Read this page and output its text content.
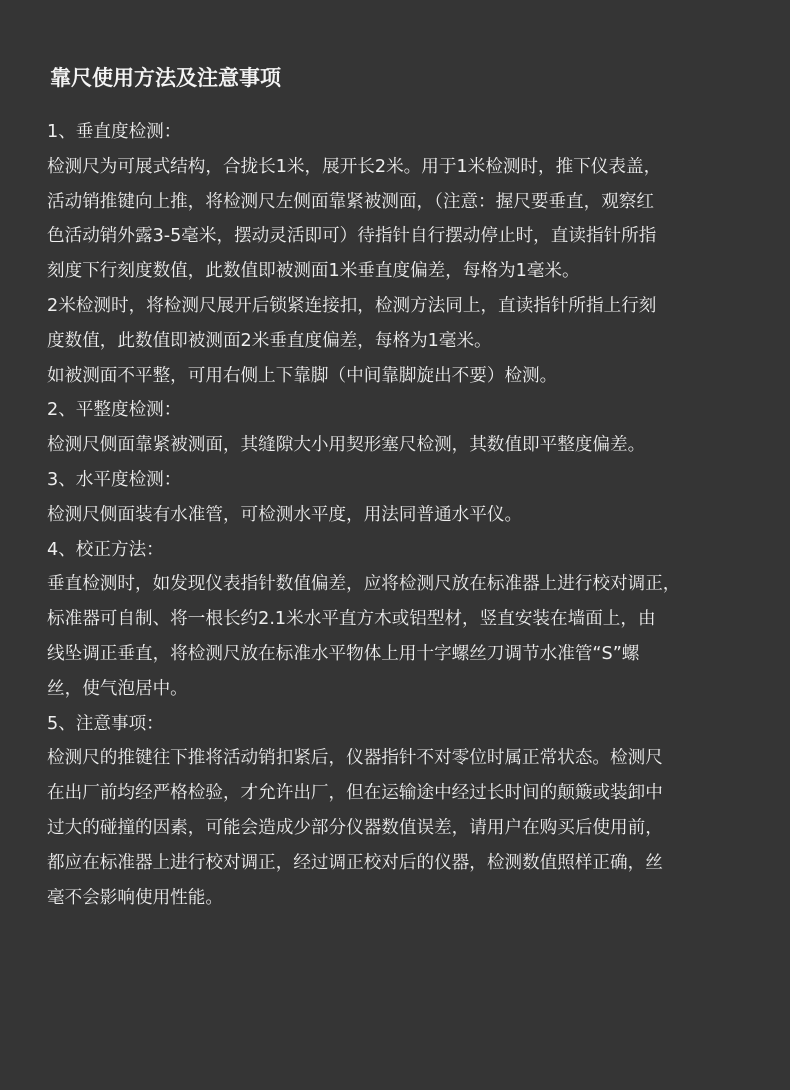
靠尺使用方法及注意事项

1、垂直度检测：

检测尺为可展式结构，合拢长1米，展开长2米。用于1米检测时，推下仪表盖，
活动销推键向上推，将检测尺左侧面靠紧被测面，（注意：握尺要垂直，观察红
色活动销外露3-5毫米，摆动灵活即可）待指针自行摆动停止时，直读指针所指
刻度下行刻度数值，此数值即被测面1米垂直度偏差，每格为1毫米。

2米检测时，将检测尺展开后锁紧连接扣，检测方法同上，直读指针所指上行刻
度数值，此数值即被测面2米垂直度偏差，每格为1毫米。

如被测面不平整，可用右侧上下靠脚（中间靠脚旋出不要）检测。

2、平整度检测：

检测尺侧面靠紧被测面，其缝隙大小用契形塞尺检测，其数值即平整度偏差。

3、水平度检测：

检测尺侧面装有水准管，可检测水平度，用法同普通水平仪。

4、校正方法：

垂直检测时，如发现仪表指针数值偏差，应将检测尺放在标准器上进行校对调正，
标准器可自制、将一根长约2.1米水平直方木或铝型材，竖直安装在墙面上，由
线坠调正垂直，将检测尺放在标准水平物体上用十字螺丝刀调节水准管“S”螺
丝，使气泡居中。

5、注意事项：

检测尺的推键往下推将活动销扣紧后，仪器指针不对零位时属正常状态。检测尺
在出厂前均经严格检验，才允许出厂，但在运输途中经过长时间的颠簸或装卸中
过大的碰撞的因素，可能会造成少部分仪器数值误差，请用户在购买后使用前，
都应在标准器上进行校对调正，经过调正校对后的仪器，检测数值照样正确，丝
毫不会影响使用性能。
